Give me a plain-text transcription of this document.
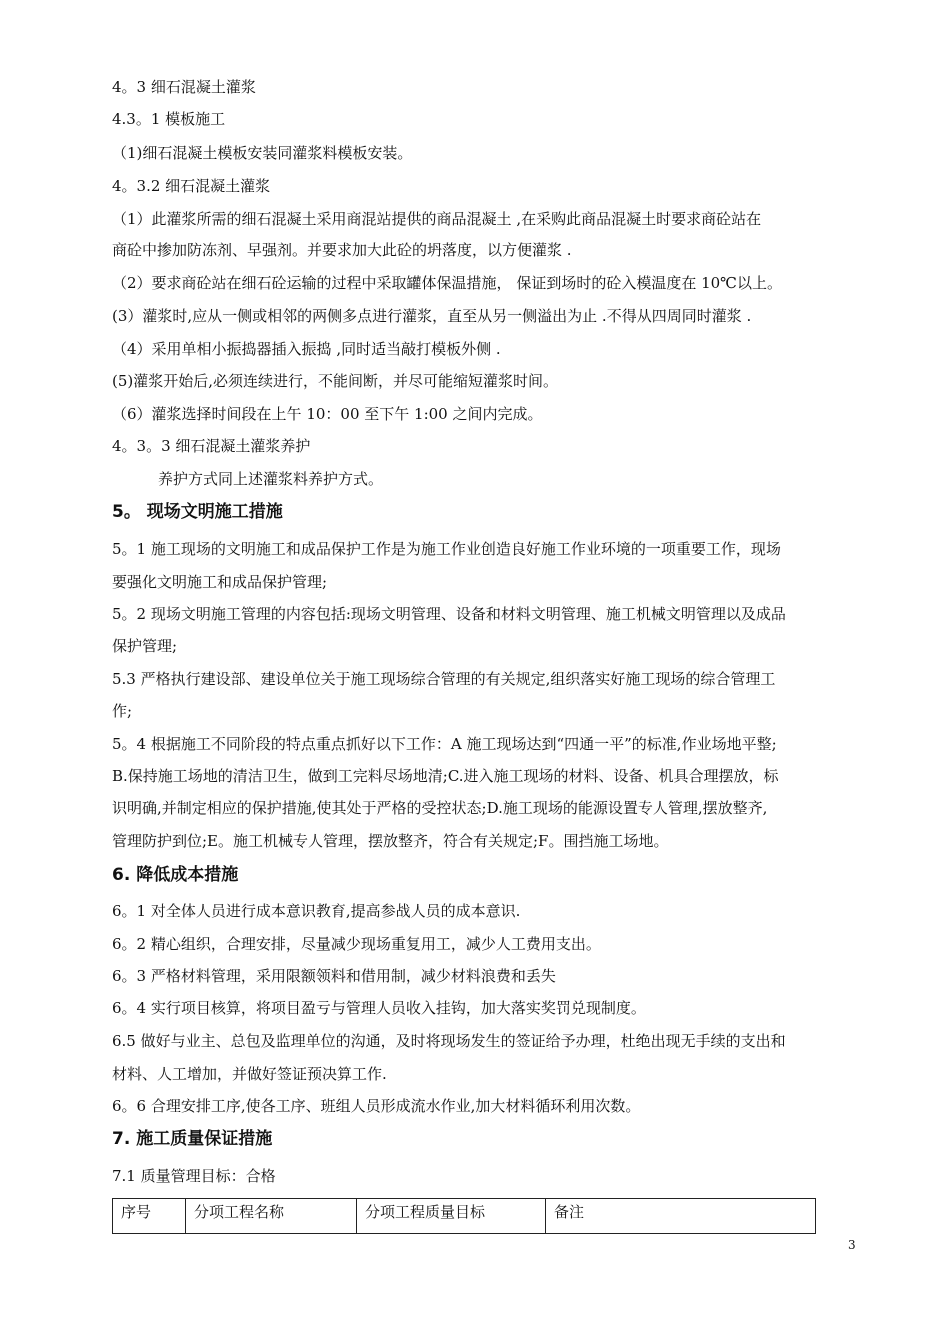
4。3 细石混凝土灌浆
4.3。1 模板施工
（1)细石混凝土模板安装同灌浆料模板安装。
4。3.2 细石混凝土灌浆
（1）此灌浆所需的细石混凝土采用商混站提供的商品混凝土 ,在采购此商品混凝土时要求商砼站在
商砼中掺加防冻剂、早强剂。并要求加大此砼的坍落度，以方便灌浆 .
（2）要求商砼站在细石砼运输的过程中采取罐体保温措施， 保证到场时的砼入模温度在 10℃以上。
(3）灌浆时,应从一侧或相邻的两侧多点进行灌浆，直至从另一侧溢出为止 .不得从四周同时灌浆 .
（4）采用单相小振捣器插入振捣 ,同时适当敲打模板外侧 .
(5)灌浆开始后,必须连续进行，不能间断，并尽可能缩短灌浆时间。
（6）灌浆选择时间段在上午 10：00 至下午 1:00 之间内完成。
4。3。3 细石混凝土灌浆养护
养护方式同上述灌浆料养护方式。
5。 现场文明施工措施
5。1 施工现场的文明施工和成品保护工作是为施工作业创造良好施工作业环境的一项重要工作，现场
要强化文明施工和成品保护管理;
5。2 现场文明施工管理的内容包括:现场文明管理、设备和材料文明管理、施工机械文明管理以及成品
保护管理;
5.3 严格执行建设部、建设单位关于施工现场综合管理的有关规定,组织落实好施工现场的综合管理工
作;
5。4 根据施工不同阶段的特点重点抓好以下工作：A 施工现场达到“四通一平”的标准,作业场地平整;
B.保持施工场地的清洁卫生，做到工完料尽场地清;C.进入施工现场的材料、设备、机具合理摆放，标
识明确,并制定相应的保护措施,使其处于严格的受控状态;D.施工现场的能源设置专人管理,摆放整齐,
管理防护到位;E。施工机械专人管理，摆放整齐，符合有关规定;F。围挡施工场地。
6. 降低成本措施
6。1 对全体人员进行成本意识教育,提高参战人员的成本意识.
6。2 精心组织，合理安排，尽量减少现场重复用工，减少人工费用支出。
6。3 严格材料管理，采用限额领料和借用制，减少材料浪费和丢失
6。4 实行项目核算，将项目盈亏与管理人员收入挂钩，加大落实奖罚兑现制度。
6.5 做好与业主、总包及监理单位的沟通，及时将现场发生的签证给予办理，杜绝出现无手续的支出和
材料、人工增加，并做好签证预决算工作.
6。6 合理安排工序,使各工序、班组人员形成流水作业,加大材料循环利用次数。
7. 施工质量保证措施
7.1 质量管理目标：合格
序号	分项工程名称	分项工程质量目标	备注
3
